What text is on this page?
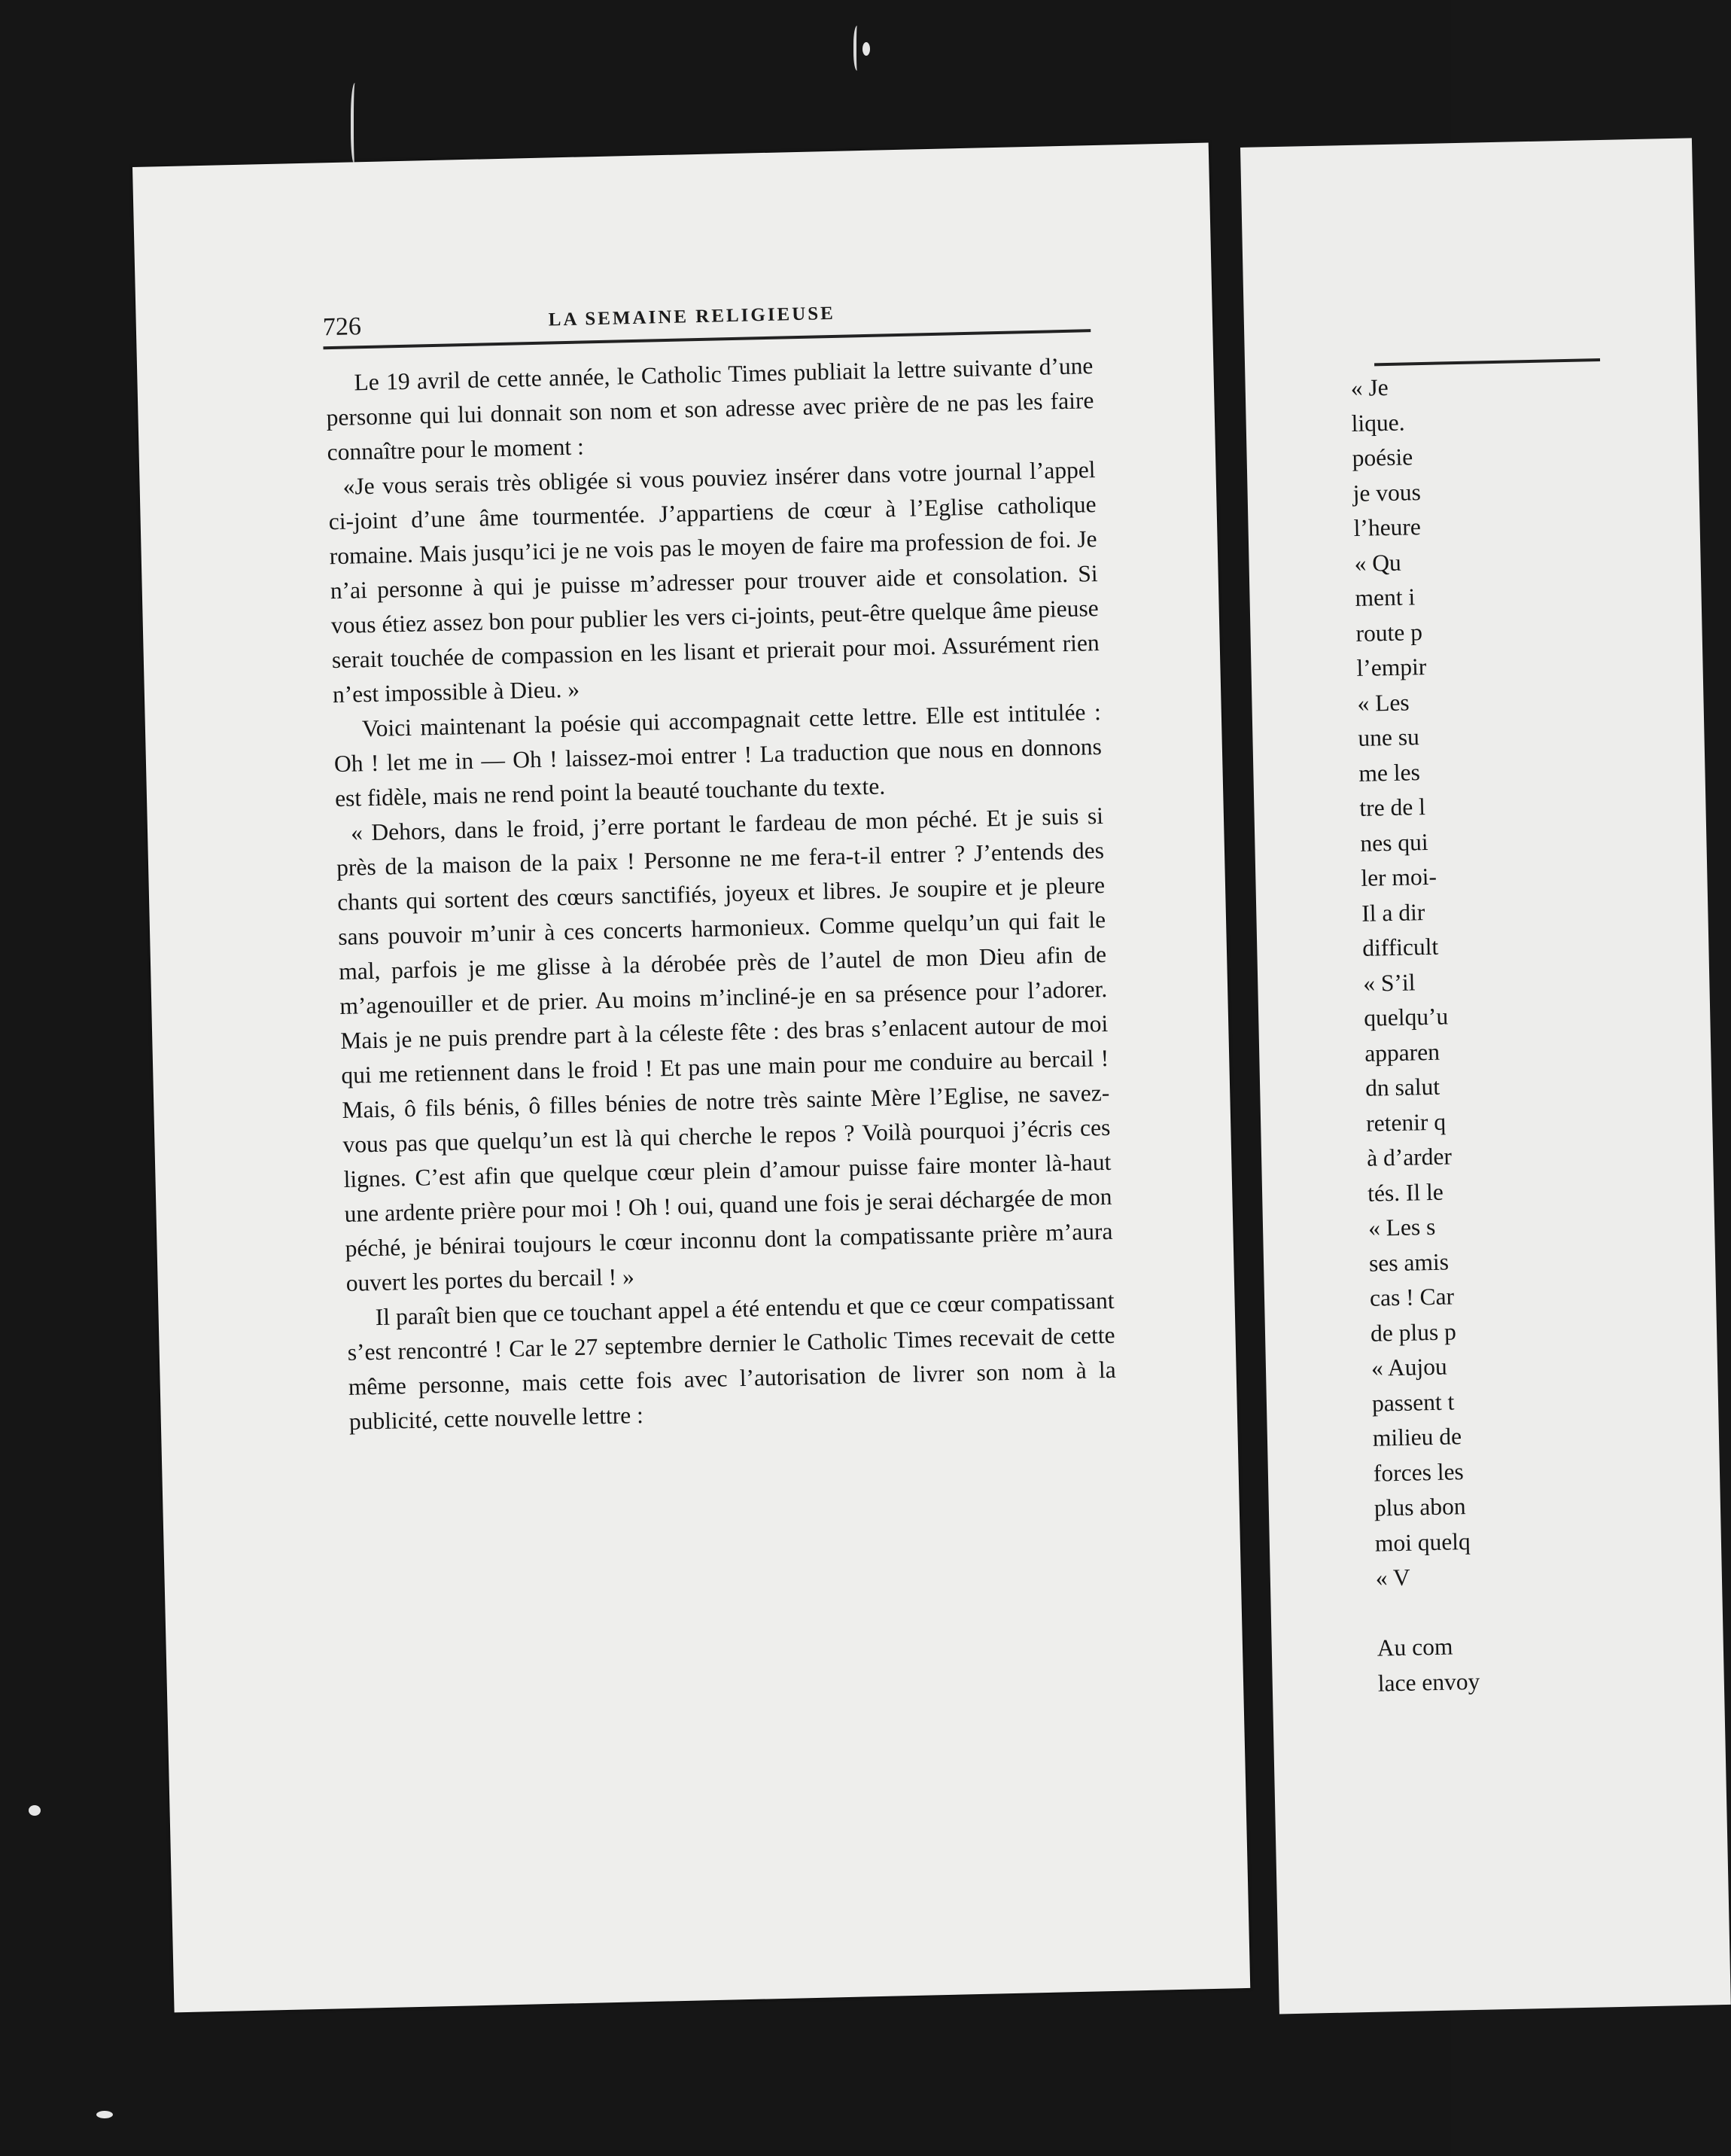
726	LA SEMAINE RELIGIEUSE

Le 19 avril de cette année, le Catholic Times publiait la lettre suivante d’une personne qui lui donnait son nom et son adresse avec prière de ne pas les faire connaître pour le moment :

«Je vous serais très obligée si vous pouviez insérer dans votre journal l’appel ci-joint d’une âme tourmentée. J’appartiens de cœur à l’Eglise catholique romaine. Mais jusqu’ici je ne vois pas le moyen de faire ma profession de foi. Je n’ai personne à qui je puisse m’adresser pour trouver aide et consolation. Si vous étiez assez bon pour publier les vers ci-joints, peut-être quelque âme pieuse serait touchée de compassion en les lisant et prierait pour moi. Assurément rien n’est impossible à Dieu. »

Voici maintenant la poésie qui accompagnait cette lettre. Elle est intitulée : Oh ! let me in — Oh ! laissez-moi entrer ! La traduction que nous en donnons est fidèle, mais ne rend point la beauté touchante du texte.

« Dehors, dans le froid, j’erre portant le fardeau de mon péché. Et je suis si près de la maison de la paix ! Personne ne me fera-t-il entrer ? J’entends des chants qui sortent des cœurs sanctifiés, joyeux et libres. Je soupire et je pleure sans pouvoir m’unir à ces concerts harmonieux. Comme quelqu’un qui fait le mal, parfois je me glisse à la dérobée près de l’autel de mon Dieu afin de m’agenouiller et de prier. Au moins m’incliné-je en sa présence pour l’adorer. Mais je ne puis prendre part à la céleste fête : des bras s’enlacent autour de moi qui me retiennent dans le froid ! Et pas une main pour me conduire au bercail ! Mais, ô fils bénis, ô filles bénies de notre très sainte Mère l’Eglise, ne savez-vous pas que quelqu’un est là qui cherche le repos ? Voilà pourquoi j’écris ces lignes. C’est afin que quelque cœur plein d’amour puisse faire monter là-haut une ardente prière pour moi ! Oh ! oui, quand une fois je serai déchargée de mon péché, je bénirai toujours le cœur inconnu dont la compatissante prière m’aura ouvert les portes du bercail ! »

Il paraît bien que ce touchant appel a été entendu et que ce cœur compatissant s’est rencontré ! Car le 27 septembre dernier le Catholic Times recevait de cette même personne, mais cette fois avec l’autorisation de livrer son nom à la publicité, cette nouvelle lettre :

« Je
lique.
poésie
je vous
l’heure
« Qu
ment i
route p
l’empir
« Les
une su
me les
tre de l
nes qui
ler moi-
Il a dir
difficult
« S’il
quelqu’u
apparen
dn salut
retenir q
à d’arder
tés. Il le
« Les s
ses amis
cas ! Car
de plus p
« Aujou
passent t
milieu de
forces les
plus abon
moi quelq
« V
Au com
lace envoy
